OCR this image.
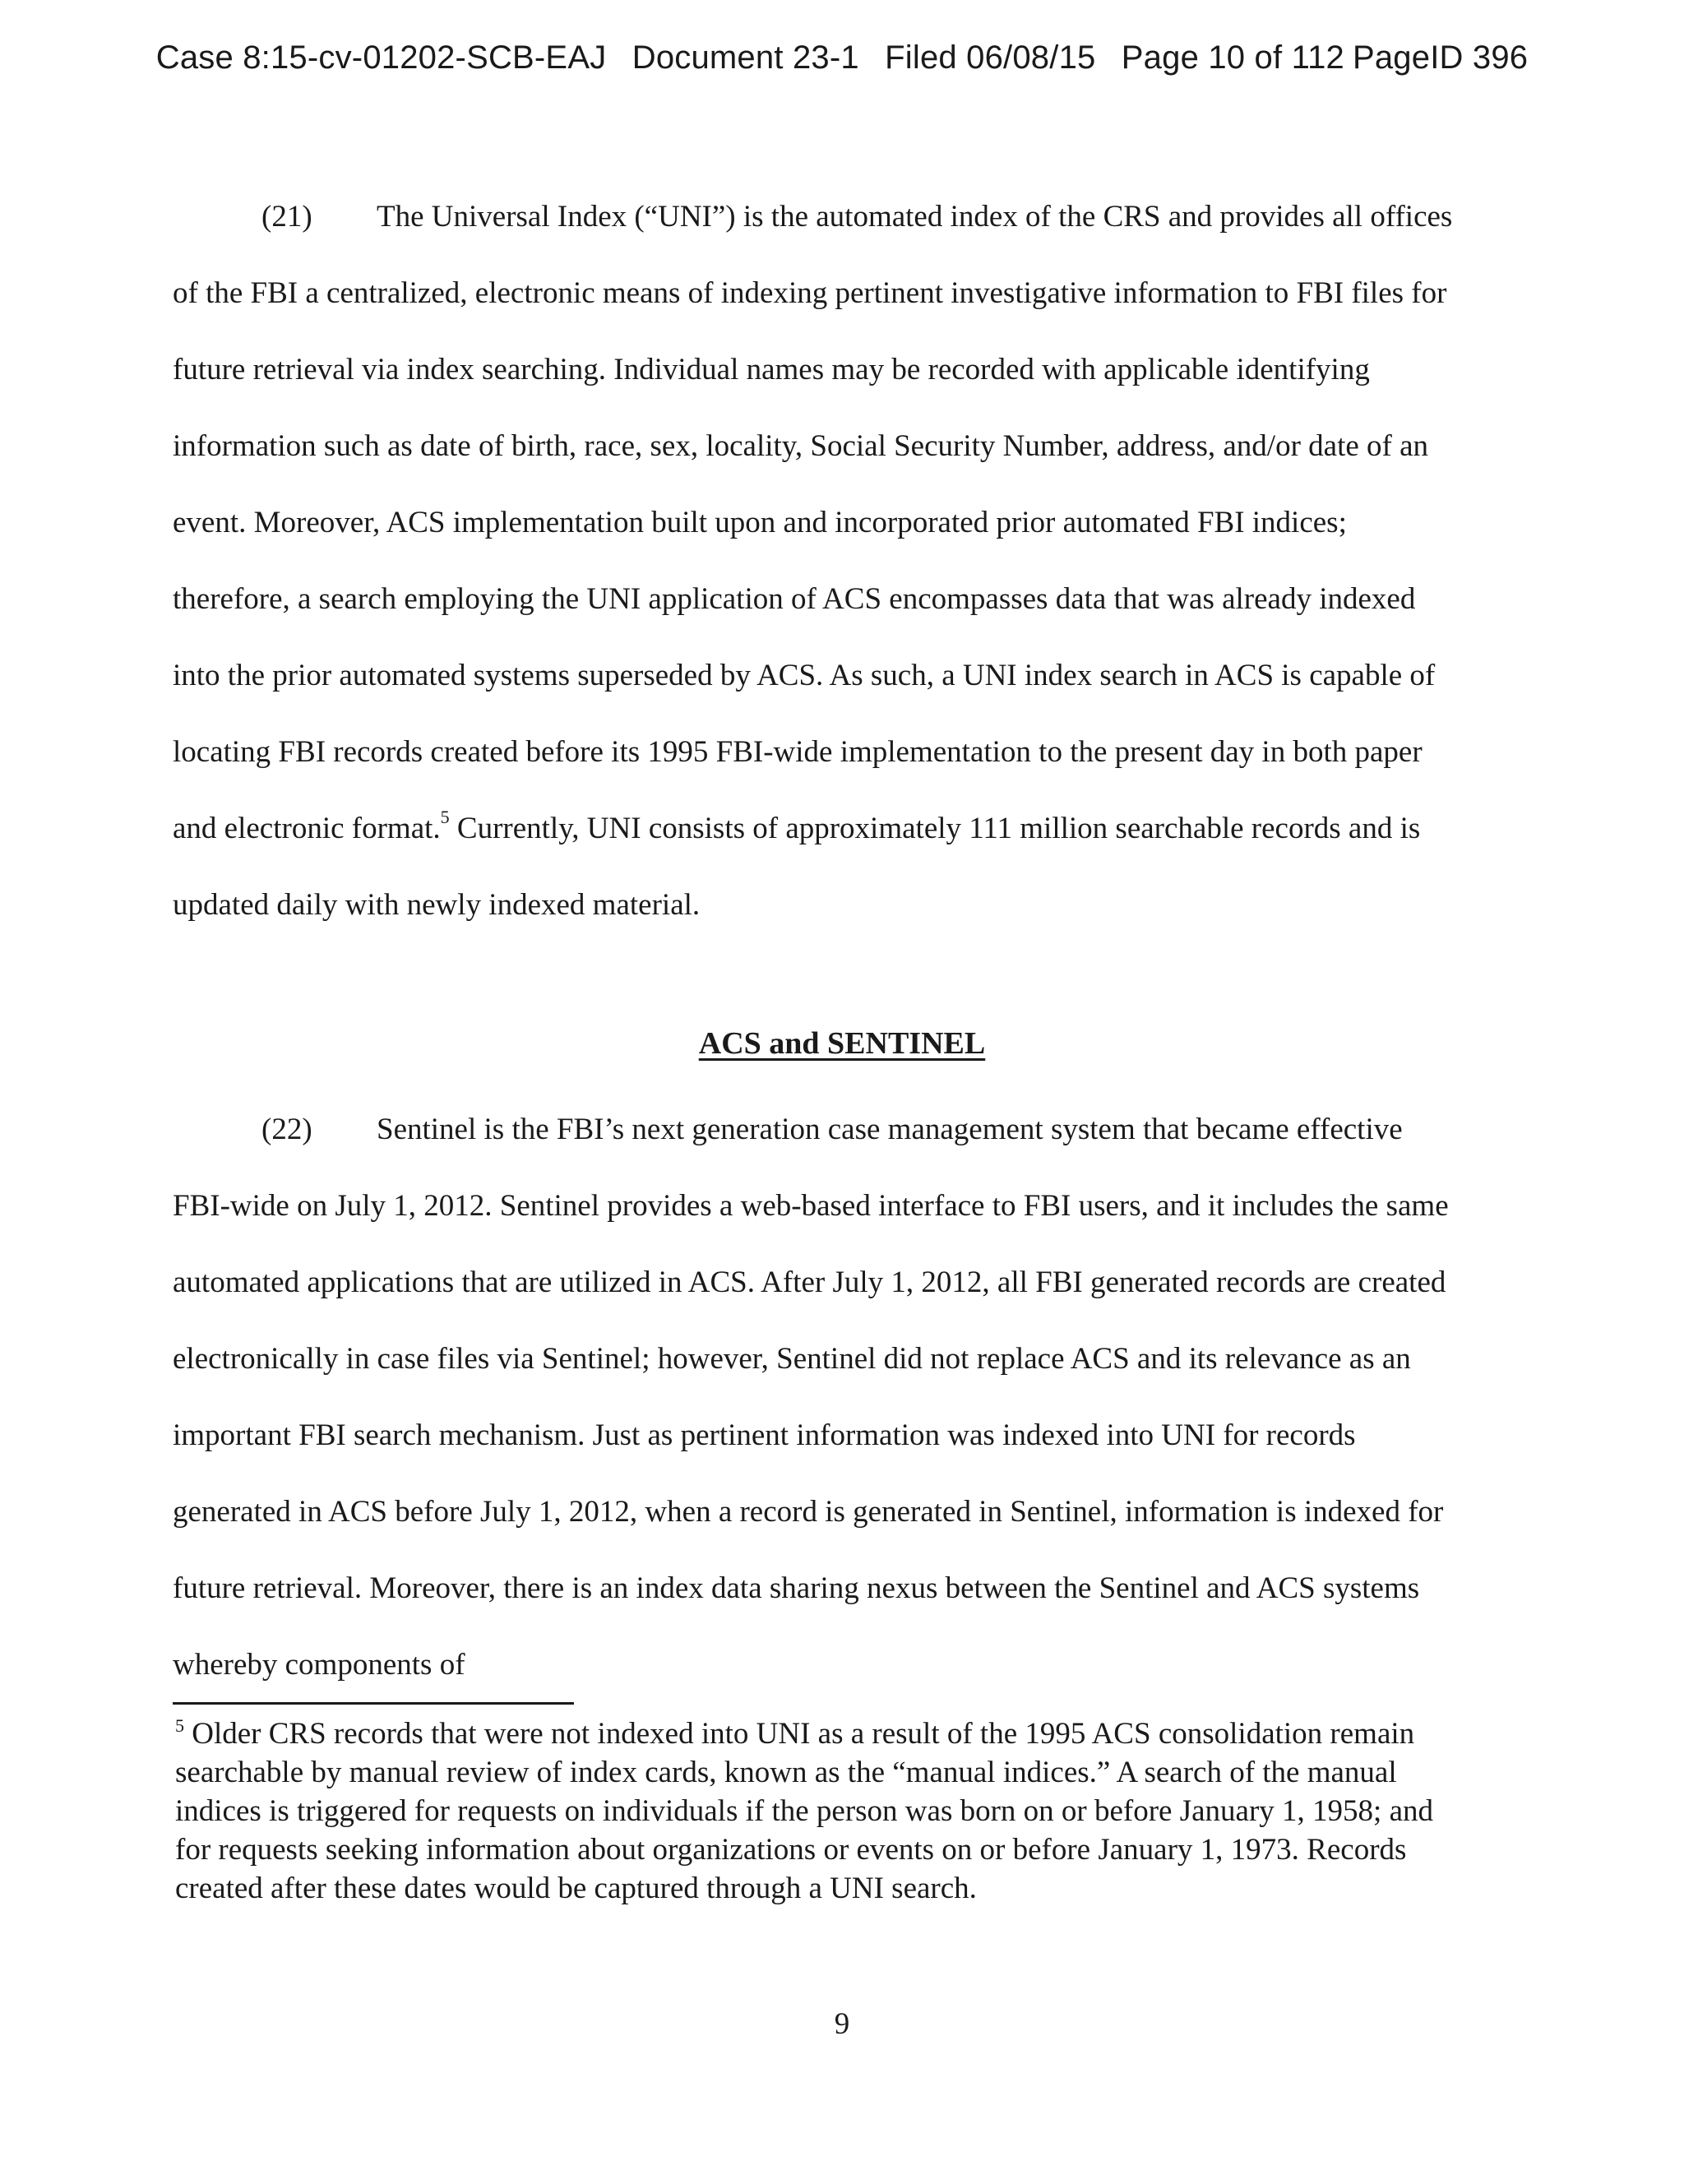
Case 8:15-cv-01202-SCB-EAJ Document 23-1 Filed 06/08/15 Page 10 of 112 PageID 396
(21) The Universal Index (“UNI”) is the automated index of the CRS and provides all offices of the FBI a centralized, electronic means of indexing pertinent investigative information to FBI files for future retrieval via index searching. Individual names may be recorded with applicable identifying information such as date of birth, race, sex, locality, Social Security Number, address, and/or date of an event. Moreover, ACS implementation built upon and incorporated prior automated FBI indices; therefore, a search employing the UNI application of ACS encompasses data that was already indexed into the prior automated systems superseded by ACS. As such, a UNI index search in ACS is capable of locating FBI records created before its 1995 FBI-wide implementation to the present day in both paper and electronic format.$^5$ Currently, UNI consists of approximately 111 million searchable records and is updated daily with newly indexed material.
ACS and SENTINEL
(22) Sentinel is the FBI’s next generation case management system that became effective FBI-wide on July 1, 2012. Sentinel provides a web-based interface to FBI users, and it includes the same automated applications that are utilized in ACS. After July 1, 2012, all FBI generated records are created electronically in case files via Sentinel; however, Sentinel did not replace ACS and its relevance as an important FBI search mechanism. Just as pertinent information was indexed into UNI for records generated in ACS before July 1, 2012, when a record is generated in Sentinel, information is indexed for future retrieval. Moreover, there is an index data sharing nexus between the Sentinel and ACS systems whereby components of
$^5$ Older CRS records that were not indexed into UNI as a result of the 1995 ACS consolidation remain searchable by manual review of index cards, known as the “manual indices.” A search of the manual indices is triggered for requests on individuals if the person was born on or before January 1, 1958; and for requests seeking information about organizations or events on or before January 1, 1973. Records created after these dates would be captured through a UNI search.
9
